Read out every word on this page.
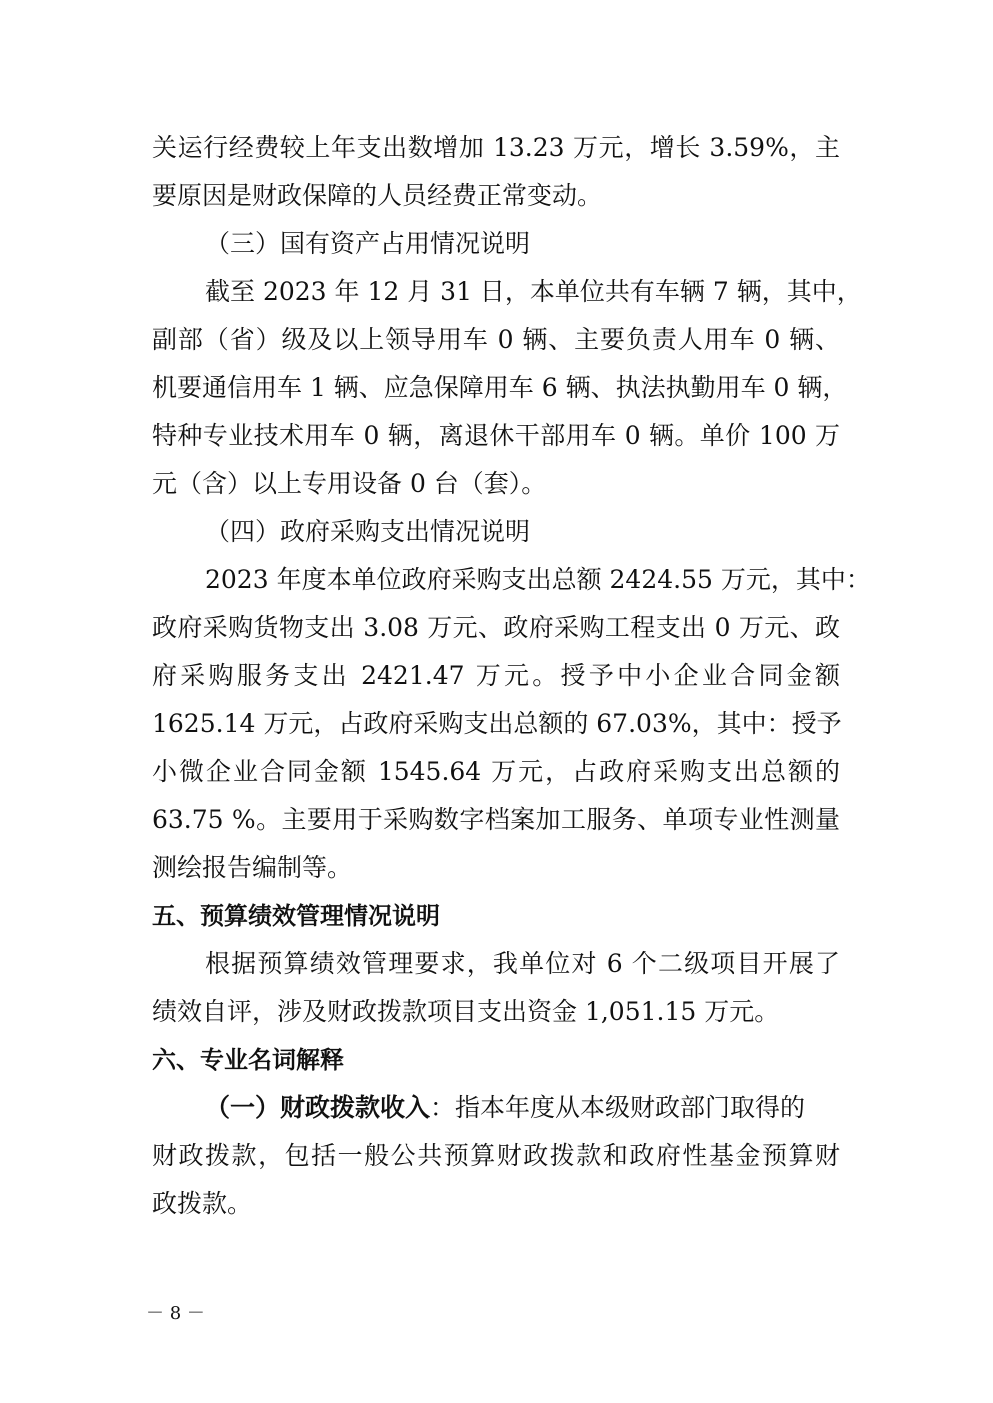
关运行经费较上年支出数增加 13.23 万元，增长 3.59%，主
要原因是财政保障的人员经费正常变动。
（三）国有资产占用情况说明
截至 2023 年 12 月 31 日，本单位共有车辆 7 辆，其中，
副部（省）级及以上领导用车 0 辆、主要负责人用车 0 辆、
机要通信用车 1 辆、应急保障用车 6 辆、执法执勤用车 0 辆，
特种专业技术用车 0 辆，离退休干部用车 0 辆。单价 100 万
元（含）以上专用设备 0 台（套）。
（四）政府采购支出情况说明
2023 年度本单位政府采购支出总额 2424.55 万元，其中：
政府采购货物支出 3.08 万元、政府采购工程支出 0 万元、政
府采购服务支出 2421.47 万元。授予中小企业合同金额
1625.14 万元，占政府采购支出总额的 67.03%，其中：授予
小微企业合同金额 1545.64 万元，占政府采购支出总额的
63.75 %。主要用于采购数字档案加工服务、单项专业性测量
测绘报告编制等。
五、预算绩效管理情况说明
根据预算绩效管理要求，我单位对 6 个二级项目开展了
绩效自评，涉及财政拨款项目支出资金 1,051.15 万元。
六、专业名词解释
（一）财政拨款收入：指本年度从本级财政部门取得的
财政拨款，包括一般公共预算财政拨款和政府性基金预算财
政拨款。
－ 8 －
